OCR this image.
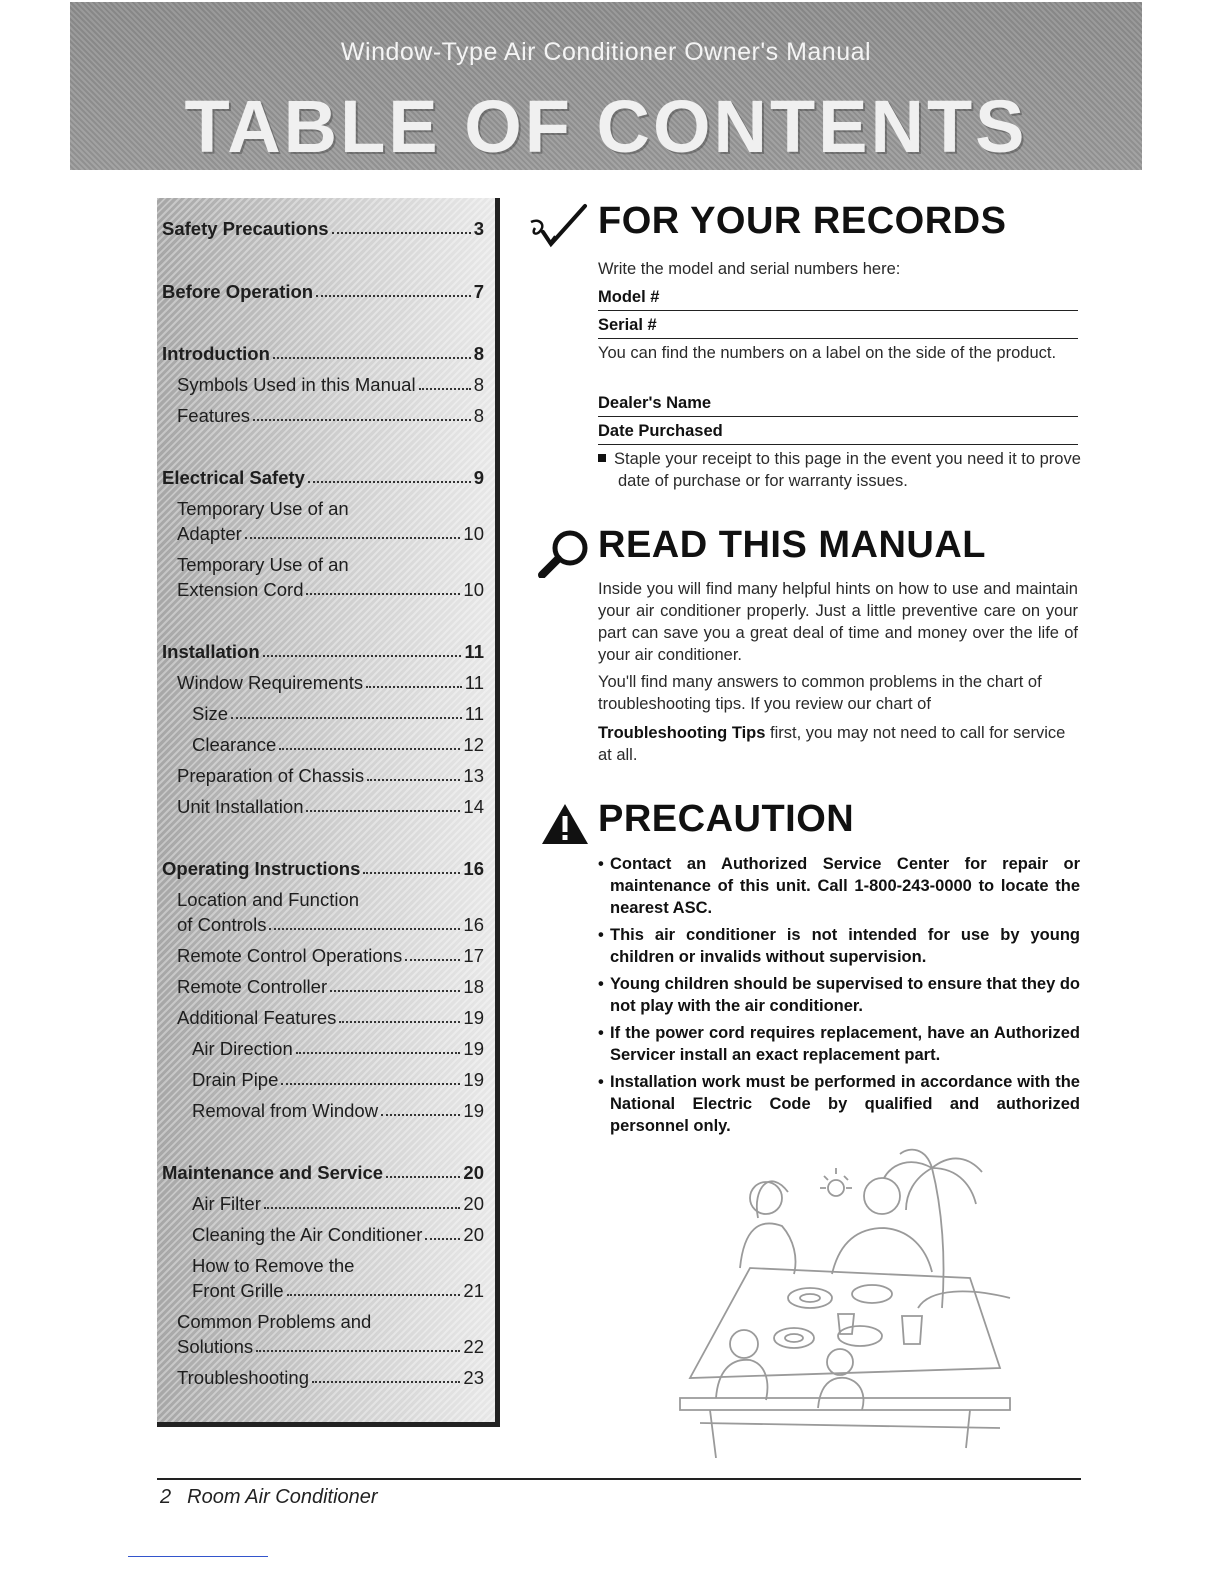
Window-Type Air Conditioner Owner's Manual
TABLE OF CONTENTS
Safety Precautions	3
Before Operation	7
Introduction	8
Symbols Used in this Manual	8
Features	8
Electrical Safety	9
Temporary Use of an
Adapter	10
Temporary Use of an
Extension Cord	10
Installation	11
Window Requirements	11
Size	11
Clearance	12
Preparation of Chassis	13
Unit Installation	14
Operating Instructions	16
Location and Function
of Controls	16
Remote Control Operations	17
Remote Controller	18
Additional Features	19
Air Direction	19
Drain Pipe	19
Removal from Window	19
Maintenance and Service	20
Air Filter	20
Cleaning the Air Conditioner 20
How to Remove the
Front Grille	21
Common Problems and
Solutions	22
Troubleshooting	23
FOR YOUR RECORDS
Write the model and serial numbers here:
Model #
Serial #
You can find the numbers on a label on the side of the product.
Dealer's Name
Date Purchased
Staple your receipt to this page in the event you need it to prove date of purchase or for warranty issues.
READ THIS MANUAL
Inside you will find many helpful hints on how to use and maintain your air conditioner properly. Just a little preventive care on your part can save you a great deal of time and money over the life of your air conditioner.
You'll find many answers to common problems in the chart of troubleshooting tips. If you review our chart of
Troubleshooting Tips first, you may not need to call for service at all.
PRECAUTION
• Contact an Authorized Service Center for repair or maintenance of this unit. Call 1-800-243-0000 to locate the nearest ASC.
• This air conditioner is not intended for use by young children or invalids without supervision.
• Young children should be supervised to ensure that they do not play with the air conditioner.
• If the power cord requires replacement, have an Authorized Servicer install an exact replacement part.
• Installation work must be performed in accordance with the National Electric Code by qualified and authorized personnel only.
2 Room Air Conditioner
